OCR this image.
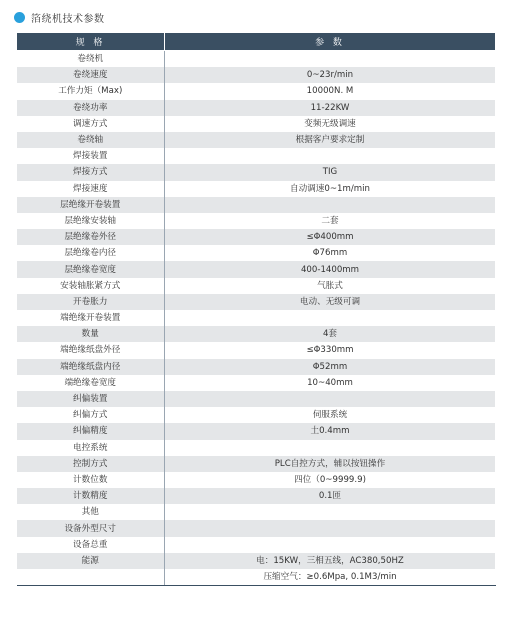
箔绕机技术参数
规 格	参 数
卷绕机	
卷绕速度	0~23r/min
工作力矩（Max)	10000N. M
卷绕功率	11-22KW
调速方式	变频无级调速
卷绕轴	根据客户要求定制
焊接装置	
焊接方式	TIG
焊接速度	自动调速0~1m/min
层绝缘开卷装置	
层绝缘安装轴	二套
层绝缘卷外径	≤Φ400mm
层绝缘卷内径	Φ76mm
层绝缘卷宽度	400-1400mm
安装轴胀紧方式	气胀式
开卷胀力	电动、无级可调
端绝缘开卷装置	
数量	4套
端绝缘纸盘外径	≤Φ330mm
端绝缘纸盘内径	Φ52mm
端绝缘卷宽度	10~40mm
纠偏装置	
纠偏方式	伺服系统
纠偏精度	土0.4mm
电控系统	
控制方式	PLC自控方式，辅以按钮操作
计数位数	四位（0~9999.9)
计数精度	0.1匝
其他	
设备外型尺寸	
设备总重	
能源	电：15KW，三相五线，AC380,50HZ
	压缩空气：≥0.6Mpa, 0.1M3/min
